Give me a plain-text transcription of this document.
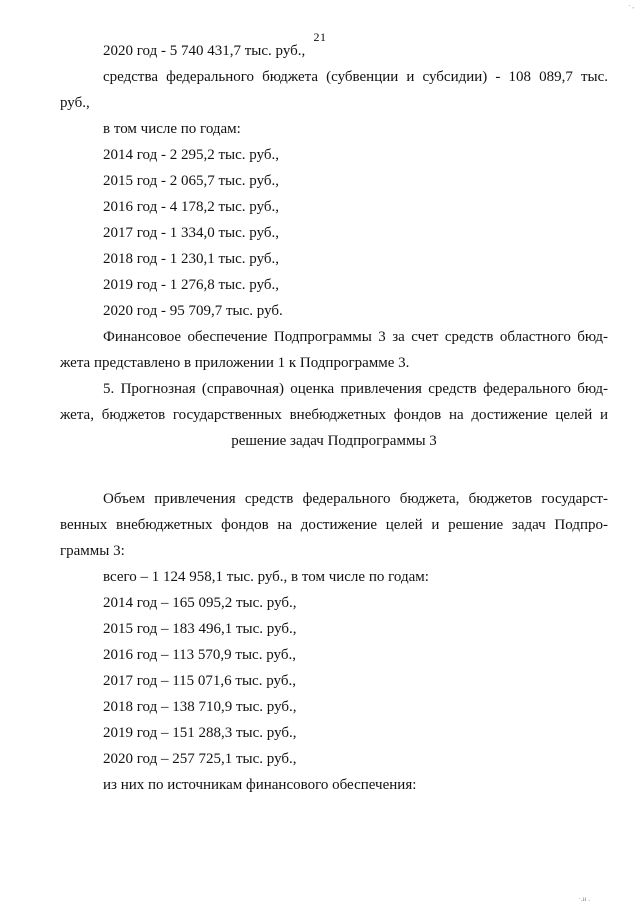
21
· ,
2020 год - 5 740 431,7 тыс. руб.,
средства федерального бюджета (субвенции и субсидии) - 108 089,7 тыс.
руб.,
в том числе по годам:
2014 год - 2 295,2 тыс. руб.,
2015 год - 2 065,7 тыс. руб.,
2016 год - 4 178,2 тыс. руб.,
2017 год - 1 334,0 тыс. руб.,
2018 год - 1 230,1 тыс. руб.,
2019 год - 1 276,8 тыс. руб.,
2020 год - 95 709,7 тыс. руб.
Финансовое обеспечение Подпрограммы 3 за счет средств областного бюд-
жета представлено в приложении 1 к Подпрограмме 3.
5. Прогнозная (справочная) оценка привлечения средств федерального бюд-
жета, бюджетов государственных внебюджетных фондов на достижение целей и
решение задач Подпрограммы 3
Объем привлечения средств федерального бюджета, бюджетов государст-
венных внебюджетных фондов на достижение целей и решение задач Подпро-
граммы 3:
всего – 1 124 958,1 тыс. руб., в том числе по годам:
2014 год – 165 095,2 тыс. руб.,
2015 год – 183 496,1 тыс. руб.,
2016 год – 113 570,9 тыс. руб.,
2017 год – 115 071,6 тыс. руб.,
2018 год – 138 710,9 тыс. руб.,
2019 год – 151 288,3 тыс. руб.,
2020 год – 257 725,1 тыс. руб.,
из них по источникам финансового обеспечения:
·.н .
